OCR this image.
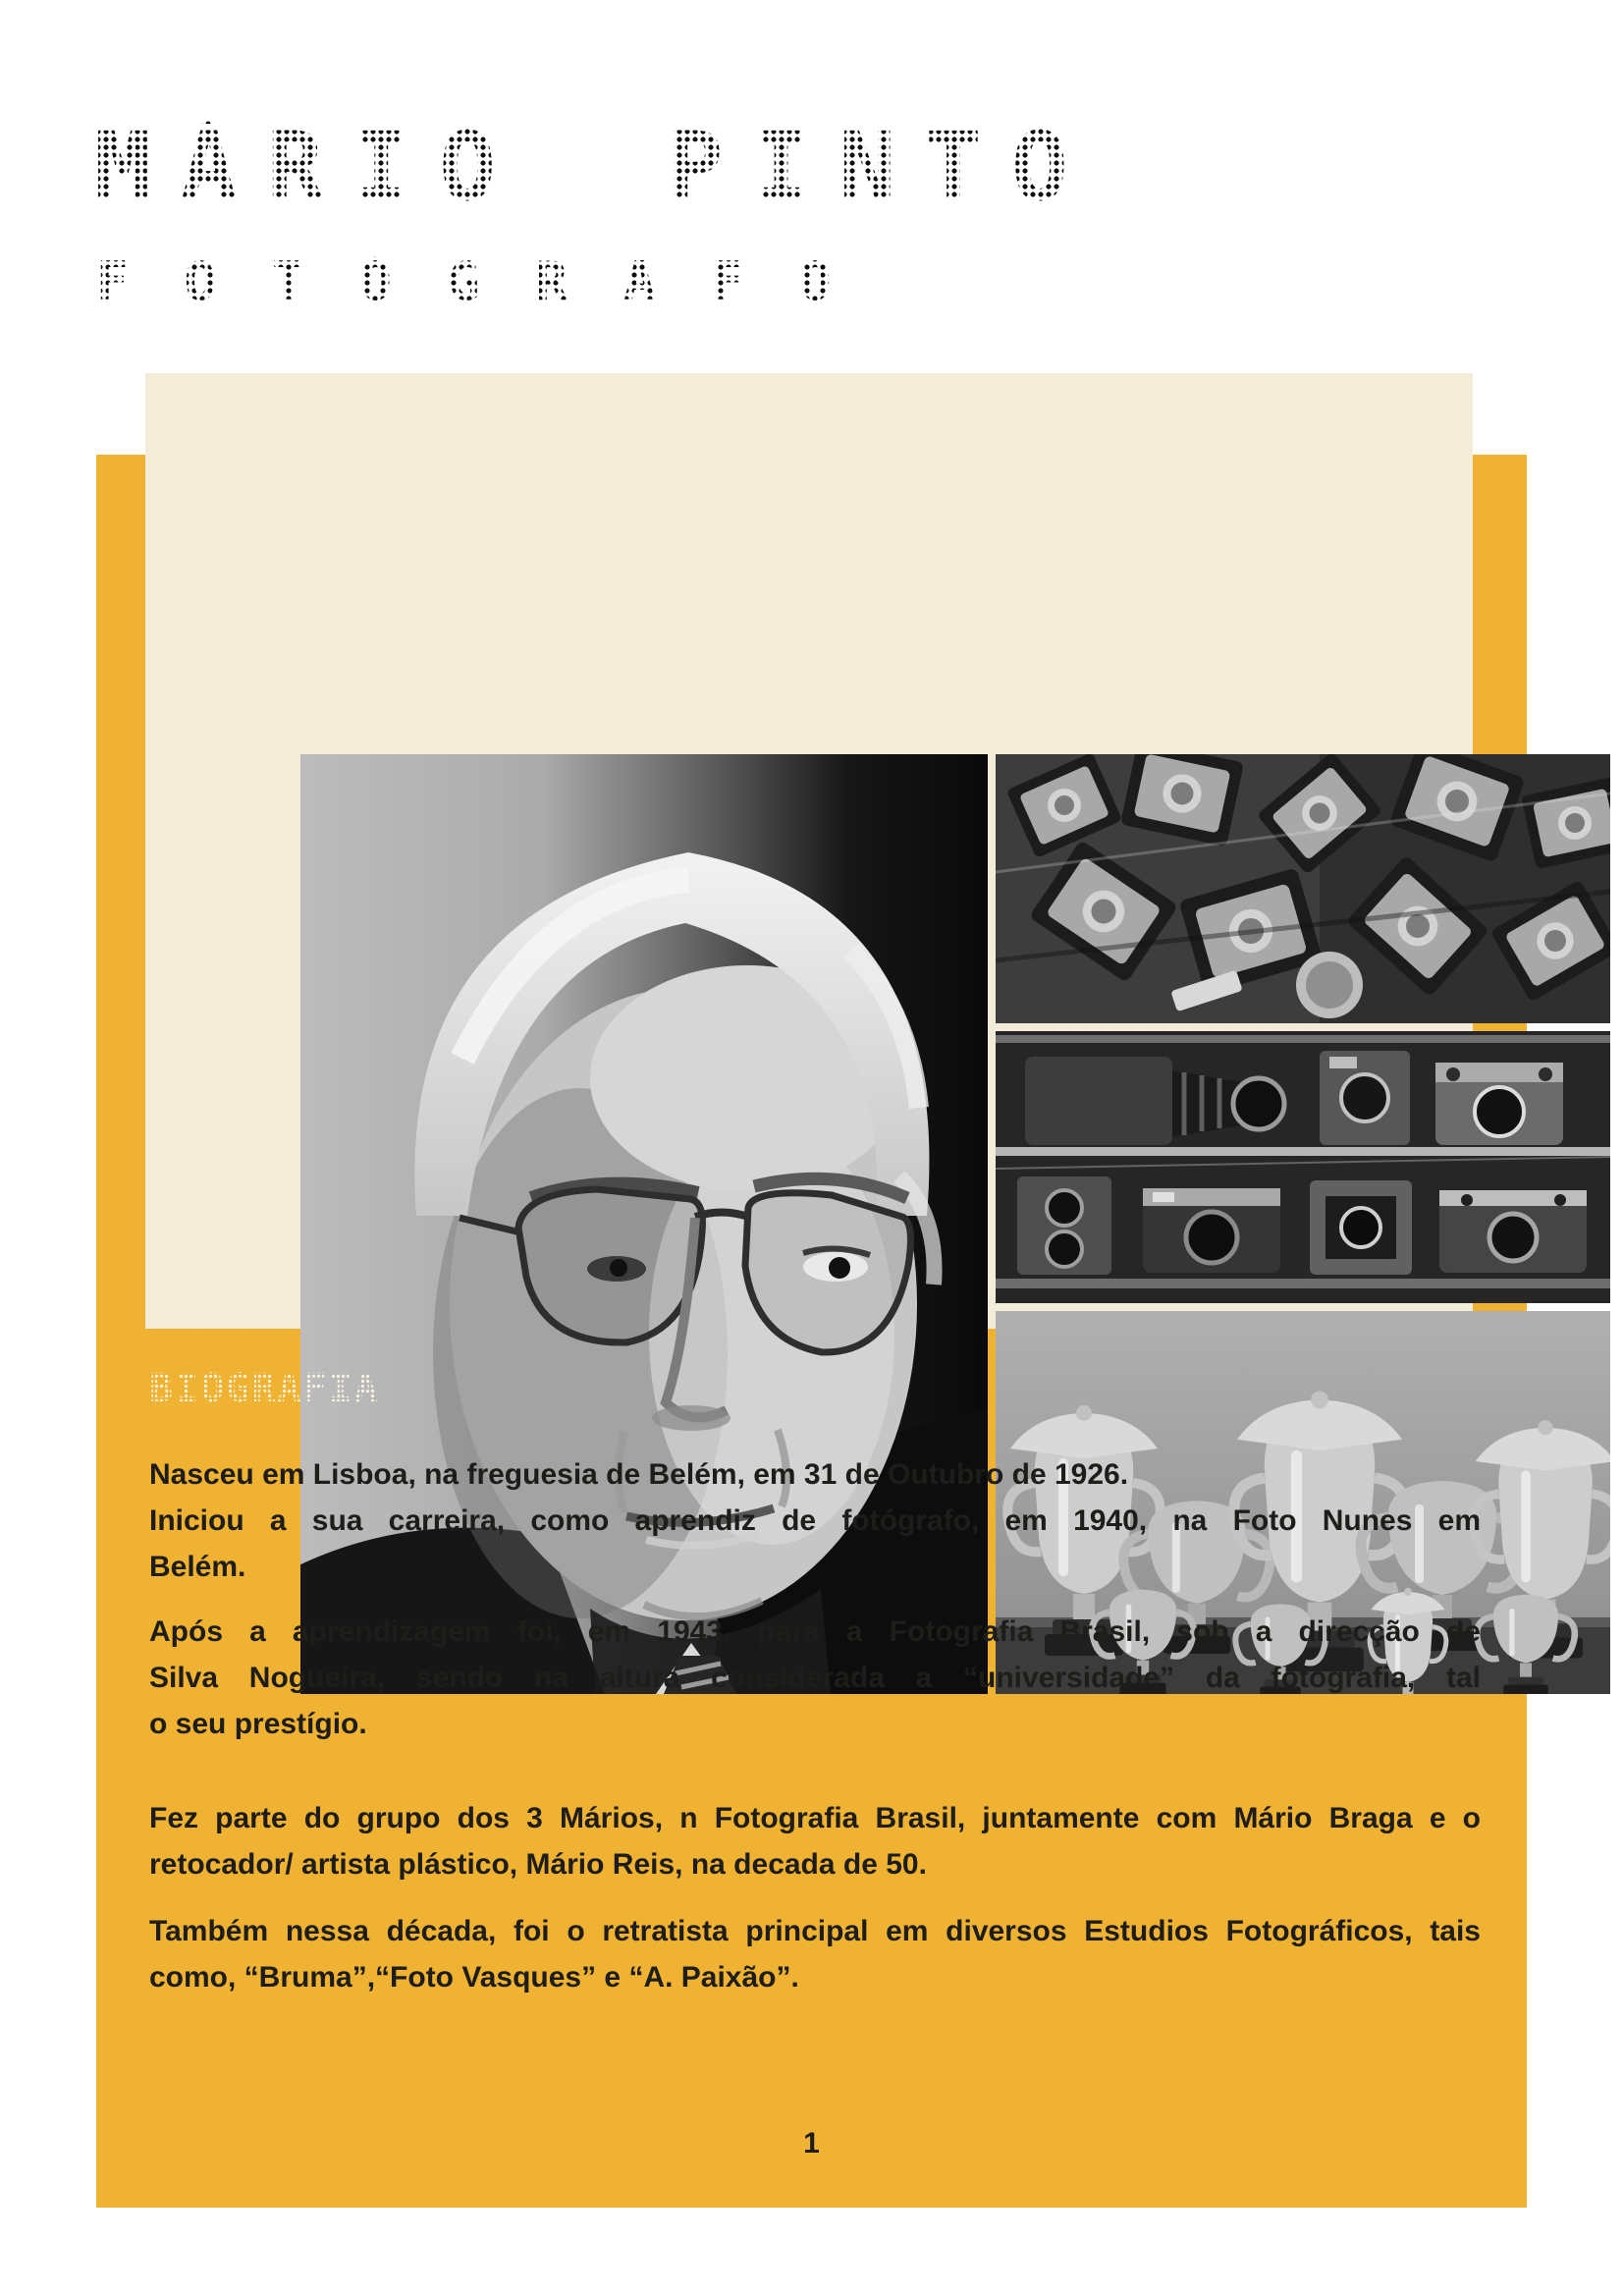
MÁRIO PINTO
FOTÓGRAFO
BIOGRAFIA
Nasceu em Lisboa, na freguesia de Belém, em 31 de Outubro de 1926.
Iniciou a sua carreira, como aprendiz de fotógrafo, em 1940, na Foto Nunes em
Belém.
Após a aprendizagem foi, em 1943, para a Fotografia Brasil, sob a direcção de
Silva Nogueira, sendo na altura considerada a “universidade” da fotografia, tal
o seu prestígio.
Fez parte do grupo dos 3 Mários, n Fotografia Brasil, juntamente com Mário Braga e o
retocador/ artista plástico, Mário Reis, na decada de 50.
Também nessa década, foi o retratista principal em diversos Estudios Fotográficos, tais
como, “Bruma”,“Foto Vasques” e “A. Paixão”.
1
